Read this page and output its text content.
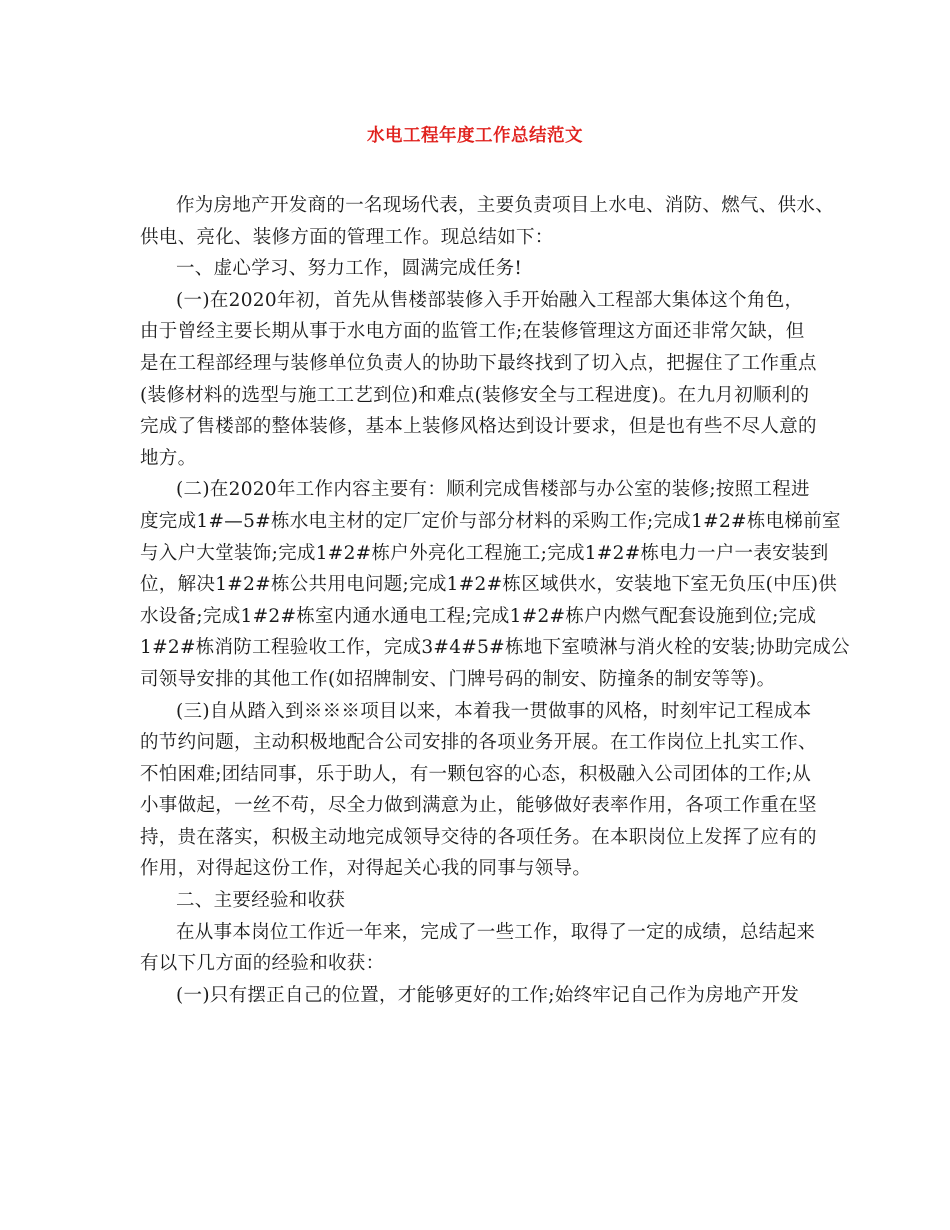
水电工程年度工作总结范文
作为房地产开发商的一名现场代表，主要负责项目上水电、消防、燃气、供水、
供电、亮化、装修方面的管理工作。现总结如下：
一、虚心学习、努力工作，圆满完成任务!
(一)在2020年初，首先从售楼部装修入手开始融入工程部大集体这个角色，
由于曾经主要长期从事于水电方面的监管工作;在装修管理这方面还非常欠缺，但
是在工程部经理与装修单位负责人的协助下最终找到了切入点，把握住了工作重点
(装修材料的选型与施工工艺到位)和难点(装修安全与工程进度)。在九月初顺利的
完成了售楼部的整体装修，基本上装修风格达到设计要求，但是也有些不尽人意的
地方。
(二)在2020年工作内容主要有：顺利完成售楼部与办公室的装修;按照工程进
度完成1#—5#栋水电主材的定厂定价与部分材料的采购工作;完成1#2#栋电梯前室
与入户大堂装饰;完成1#2#栋户外亮化工程施工;完成1#2#栋电力一户一表安装到
位，解决1#2#栋公共用电问题;完成1#2#栋区域供水，安装地下室无负压(中压)供
水设备;完成1#2#栋室内通水通电工程;完成1#2#栋户内燃气配套设施到位;完成
1#2#栋消防工程验收工作，完成3#4#5#栋地下室喷淋与消火栓的安装;协助完成公
司领导安排的其他工作(如招牌制安、门牌号码的制安、防撞条的制安等等)。
(三)自从踏入到※※※项目以来，本着我一贯做事的风格，时刻牢记工程成本
的节约问题，主动积极地配合公司安排的各项业务开展。在工作岗位上扎实工作、
不怕困难;团结同事，乐于助人，有一颗包容的心态，积极融入公司团体的工作;从
小事做起，一丝不苟，尽全力做到满意为止，能够做好表率作用，各项工作重在坚
持，贵在落实，积极主动地完成领导交待的各项任务。在本职岗位上发挥了应有的
作用，对得起这份工作，对得起关心我的同事与领导。
二、主要经验和收获
在从事本岗位工作近一年来，完成了一些工作，取得了一定的成绩，总结起来
有以下几方面的经验和收获：
(一)只有摆正自己的位置，才能够更好的工作;始终牢记自己作为房地产开发
